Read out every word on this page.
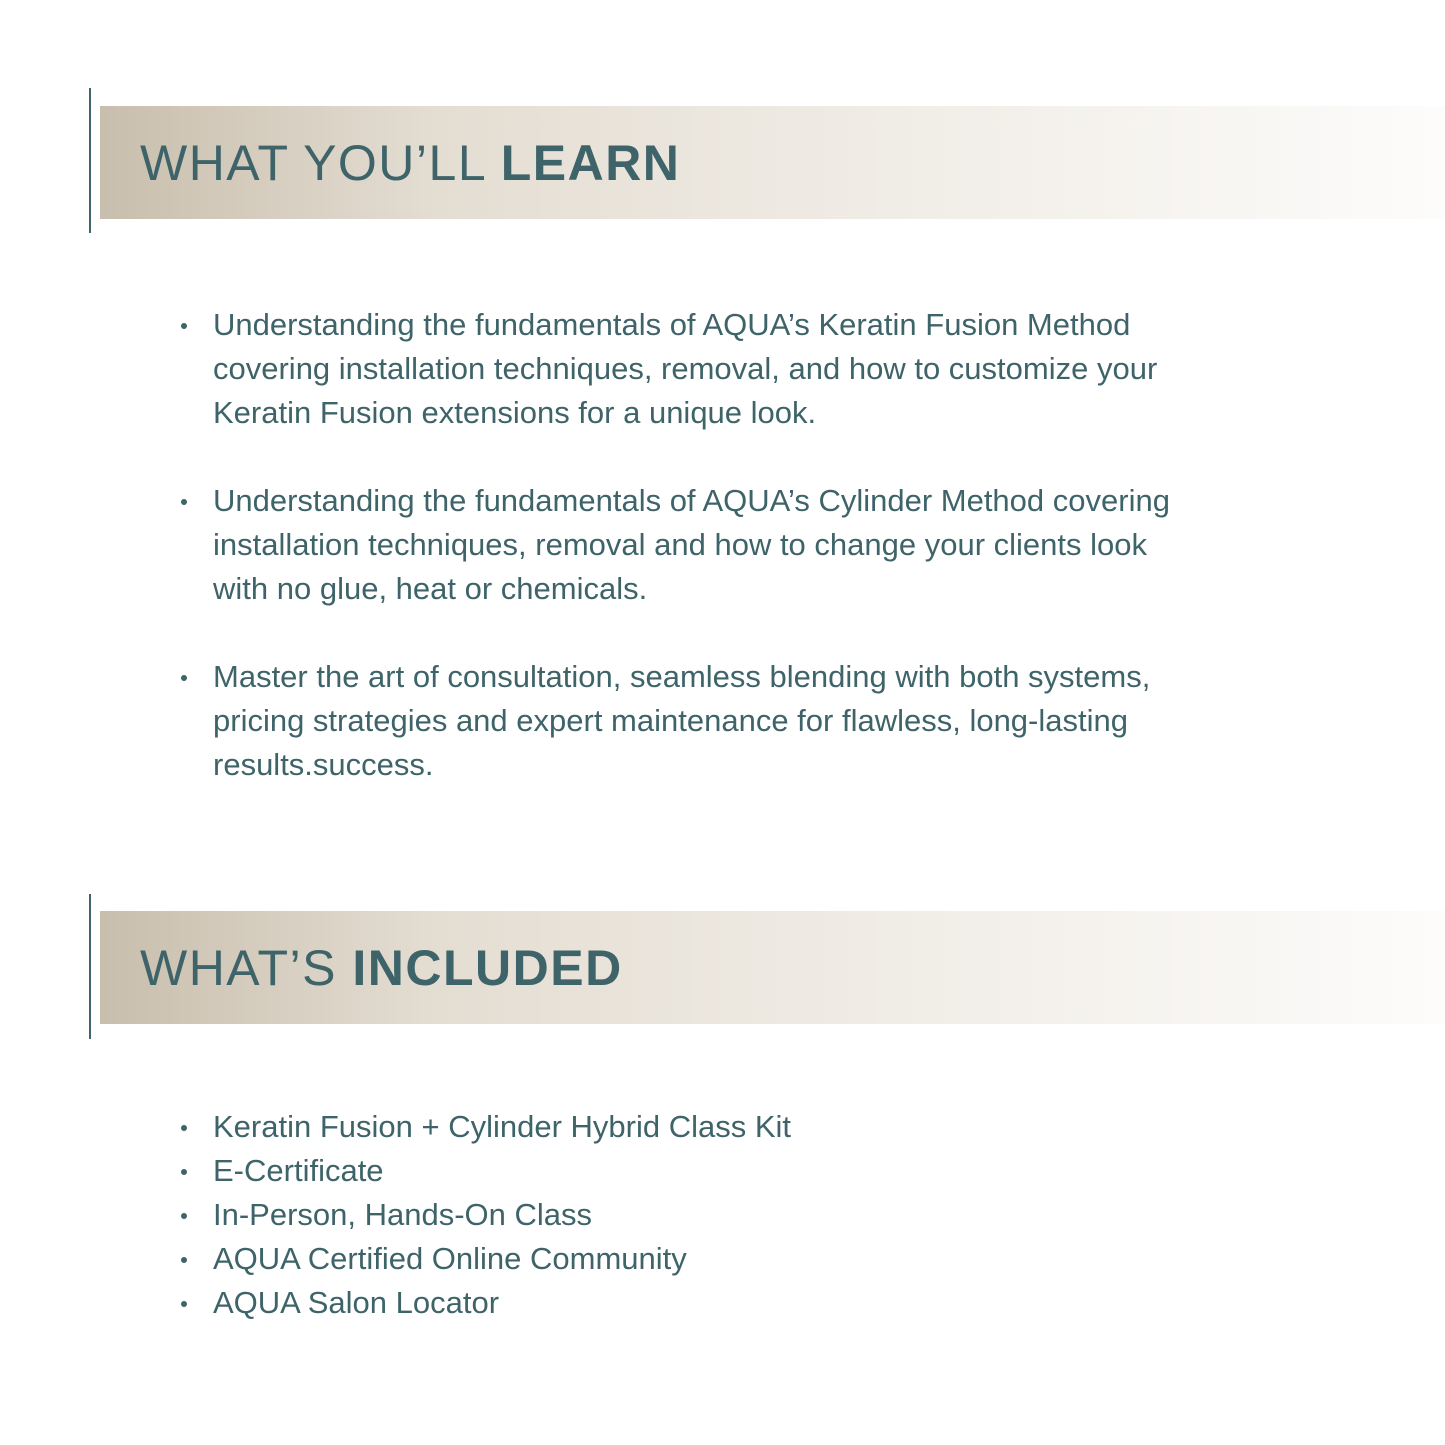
WHAT YOU’LL LEARN
Understanding the fundamentals of AQUA’s Keratin Fusion Method
covering installation techniques, removal, and how to customize your
Keratin Fusion extensions for a unique look.
Understanding the fundamentals of AQUA’s Cylinder Method covering
installation techniques, removal and how to change your clients look
with no glue, heat or chemicals.
Master the art of consultation, seamless blending with both systems,
pricing strategies and expert maintenance for flawless, long-lasting
results.success.
WHAT’S INCLUDED
Keratin Fusion + Cylinder Hybrid Class Kit
E-Certificate
In-Person, Hands-On Class
AQUA Certified Online Community
AQUA Salon Locator
